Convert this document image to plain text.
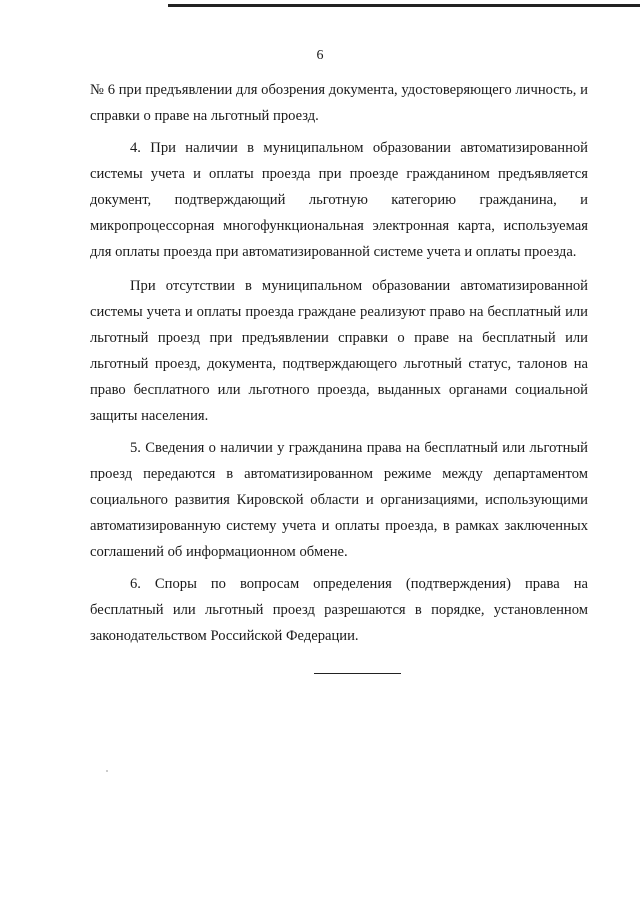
6

№ 6 при предъявлении для обозрения документа, удостоверяющего личность, и справки о праве на льготный проезд.

4. При наличии в муниципальном образовании автоматизированной системы учета и оплаты проезда при проезде гражданином предъявляется документ, подтверждающий льготную категорию гражданина, и микропроцессорная многофункциональная электронная карта, используемая для оплаты проезда при автоматизированной системе учета и оплаты проезда.

При отсутствии в муниципальном образовании автоматизированной системы учета и оплаты проезда граждане реализуют право на бесплатный или льготный проезд при предъявлении справки о праве на бесплатный или льготный проезд, документа, подтверждающего льготный статус, талонов на право бесплатного или льготного проезда, выданных органами социальной защиты населения.

5. Сведения о наличии у гражданина права на бесплатный или льготный проезд передаются в автоматизированном режиме между департаментом социального развития Кировской области и организациями, использующими автоматизированную систему учета и оплаты проезда, в рамках заключенных соглашений об информационном обмене.

6. Споры по вопросам определения (подтверждения) права на бесплатный или льготный проезд разрешаются в порядке, установленном законодательством Российской Федерации.
